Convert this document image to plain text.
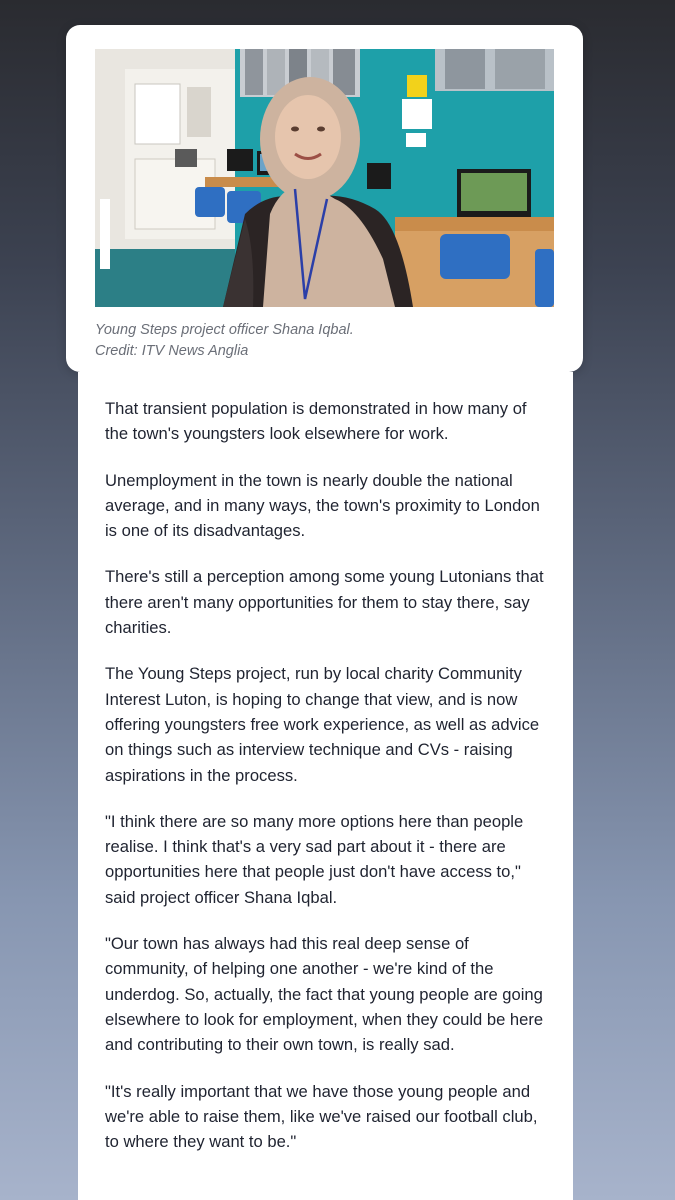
Young Steps project officer Shana Iqbal.
Credit: ITV News Anglia

That transient population is demonstrated in how many of the town's youngsters look elsewhere for work.

Unemployment in the town is nearly double the national average, and in many ways, the town's proximity to London is one of its disadvantages.

There's still a perception among some young Lutonians that there aren't many opportunities for them to stay there, say charities.

The Young Steps project, run by local charity Community Interest Luton, is hoping to change that view, and is now offering youngsters free work experience, as well as advice on things such as interview technique and CVs - raising aspirations in the process.

"I think there are so many more options here than people realise. I think that's a very sad part about it - there are opportunities here that people just don't have access to," said project officer Shana Iqbal.

"Our town has always had this real deep sense of community, of helping one another - we're kind of the underdog. So, actually, the fact that young people are going elsewhere to look for employment, when they could be here and contributing to their own town, is really sad.

"It's really important that we have those young people and we're able to raise them, like we've raised our football club, to where they want to be."
